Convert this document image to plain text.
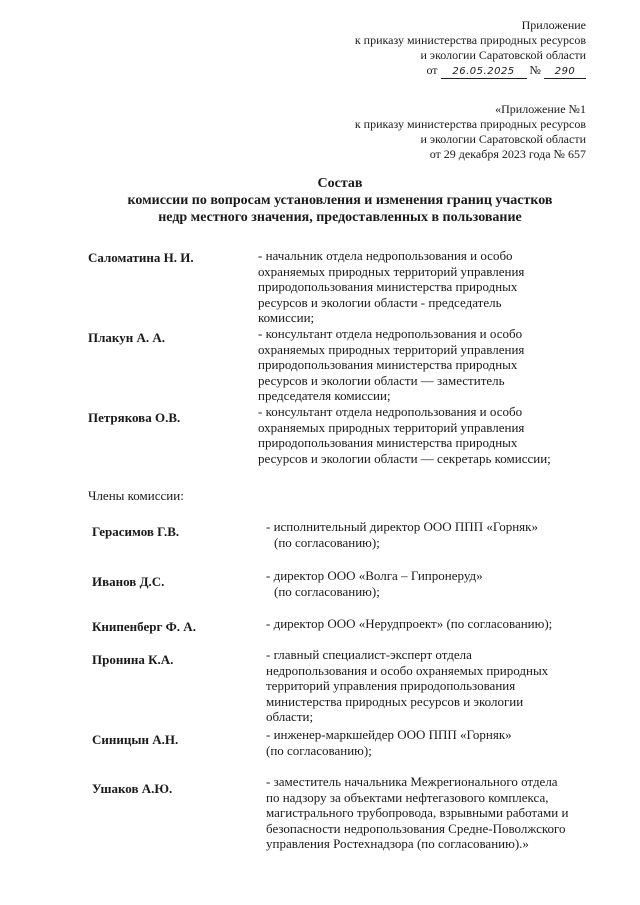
Приложение
к приказу министерства природных ресурсов
и экологии Саратовской области
от 26.05.2025 № 290
«Приложение №1
к приказу министерства природных ресурсов
и экологии Саратовской области
от 29 декабря 2023 года № 657
Состав
комиссии по вопросам установления и изменения границ участков
недр местного значения, предоставленных в пользование
Саломатина Н. И.	- начальник отдела недропользования и особо
охраняемых природных территорий управления
природопользования министерства природных
ресурсов и экологии области - председатель
комиссии;
Плакун А. А.	- консультант отдела недропользования и особо
охраняемых природных территорий управления
природопользования министерства природных
ресурсов и экологии области — заместитель
председателя комиссии;
Петрякова О.В.	- консультант отдела недропользования и особо
охраняемых природных территорий управления
природопользования министерства природных
ресурсов и экологии области — секретарь комиссии;
Члены комиссии:
Герасимов Г.В.	- исполнительный директор ООО ППП «Горняк»
(по согласованию);
Иванов Д.С.	- директор ООО «Волга – Гипронеруд»
(по согласованию);
Книпенберг Ф. А.	- директор ООО «Нерудпроект» (по согласованию);
Пронина К.А.	- главный специалист-эксперт отдела
недропользования и особо охраняемых природных
территорий управления природопользования
министерства природных ресурсов и экологии
области;
Синицын А.Н.	- инженер-маркшейдер ООО ППП «Горняк»
(по согласованию);
Ушаков А.Ю.	- заместитель начальника Межрегионального отдела
по надзору за объектами нефтегазового комплекса,
магистрального трубопровода, взрывными работами и
безопасности недропользования Средне-Поволжского
управления Ростехнадзора (по согласованию).»
